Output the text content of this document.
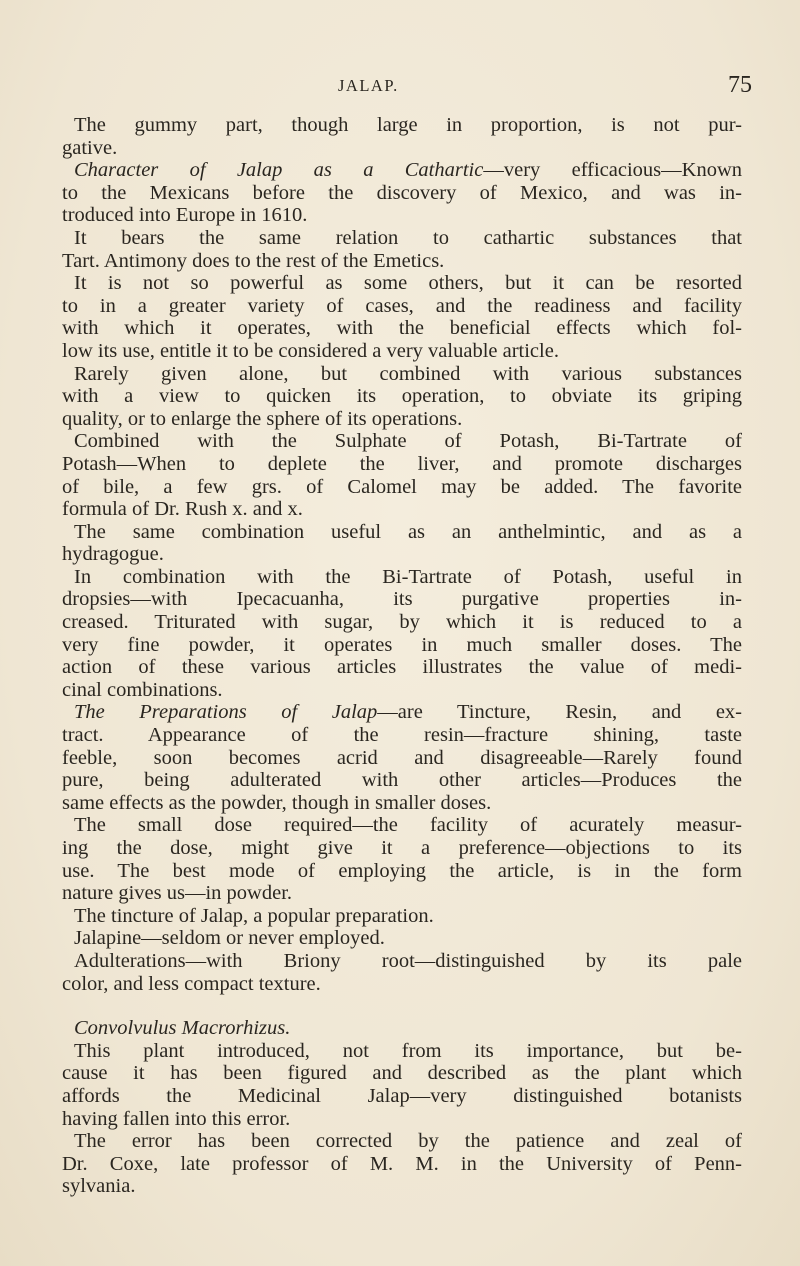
JALAP.	75
The gummy part, though large in proportion, is not pur-
gative.
Character of Jalap as a Cathartic—very efficacious—Known
to the Mexicans before the discovery of Mexico, and was in-
troduced into Europe in 1610.
It bears the same relation to cathartic substances that
Tart. Antimony does to the rest of the Emetics.
It is not so powerful as some others, but it can be resorted
to in a greater variety of cases, and the readiness and facility
with which it operates, with the beneficial effects which fol-
low its use, entitle it to be considered a very valuable article.
Rarely given alone, but combined with various substances
with a view to quicken its operation, to obviate its griping
quality, or to enlarge the sphere of its operations.
Combined with the Sulphate of Potash, Bi-Tartrate of
Potash—When to deplete the liver, and promote discharges
of bile, a few grs. of Calomel may be added. The favorite
formula of Dr. Rush x. and x.
The same combination useful as an anthelmintic, and as a
hydragogue.
In combination with the Bi-Tartrate of Potash, useful in
dropsies—with Ipecacuanha, its purgative properties in-
creased. Triturated with sugar, by which it is reduced to a
very fine powder, it operates in much smaller doses. The
action of these various articles illustrates the value of medi-
cinal combinations.
The Preparations of Jalap—are Tincture, Resin, and ex-
tract. Appearance of the resin—fracture shining, taste
feeble, soon becomes acrid and disagreeable—Rarely found
pure, being adulterated with other articles—Produces the
same effects as the powder, though in smaller doses.
The small dose required—the facility of acurately measur-
ing the dose, might give it a preference—objections to its
use. The best mode of employing the article, is in the form
nature gives us—in powder.
The tincture of Jalap, a popular preparation.
Jalapine—seldom or never employed.
Adulterations—with Briony root—distinguished by its pale
color, and less compact texture.
Convolvulus Macrorhizus.
This plant introduced, not from its importance, but be-
cause it has been figured and described as the plant which
affords the Medicinal Jalap—very distinguished botanists
having fallen into this error.
The error has been corrected by the patience and zeal of
Dr. Coxe, late professor of M. M. in the University of Penn-
sylvania.
